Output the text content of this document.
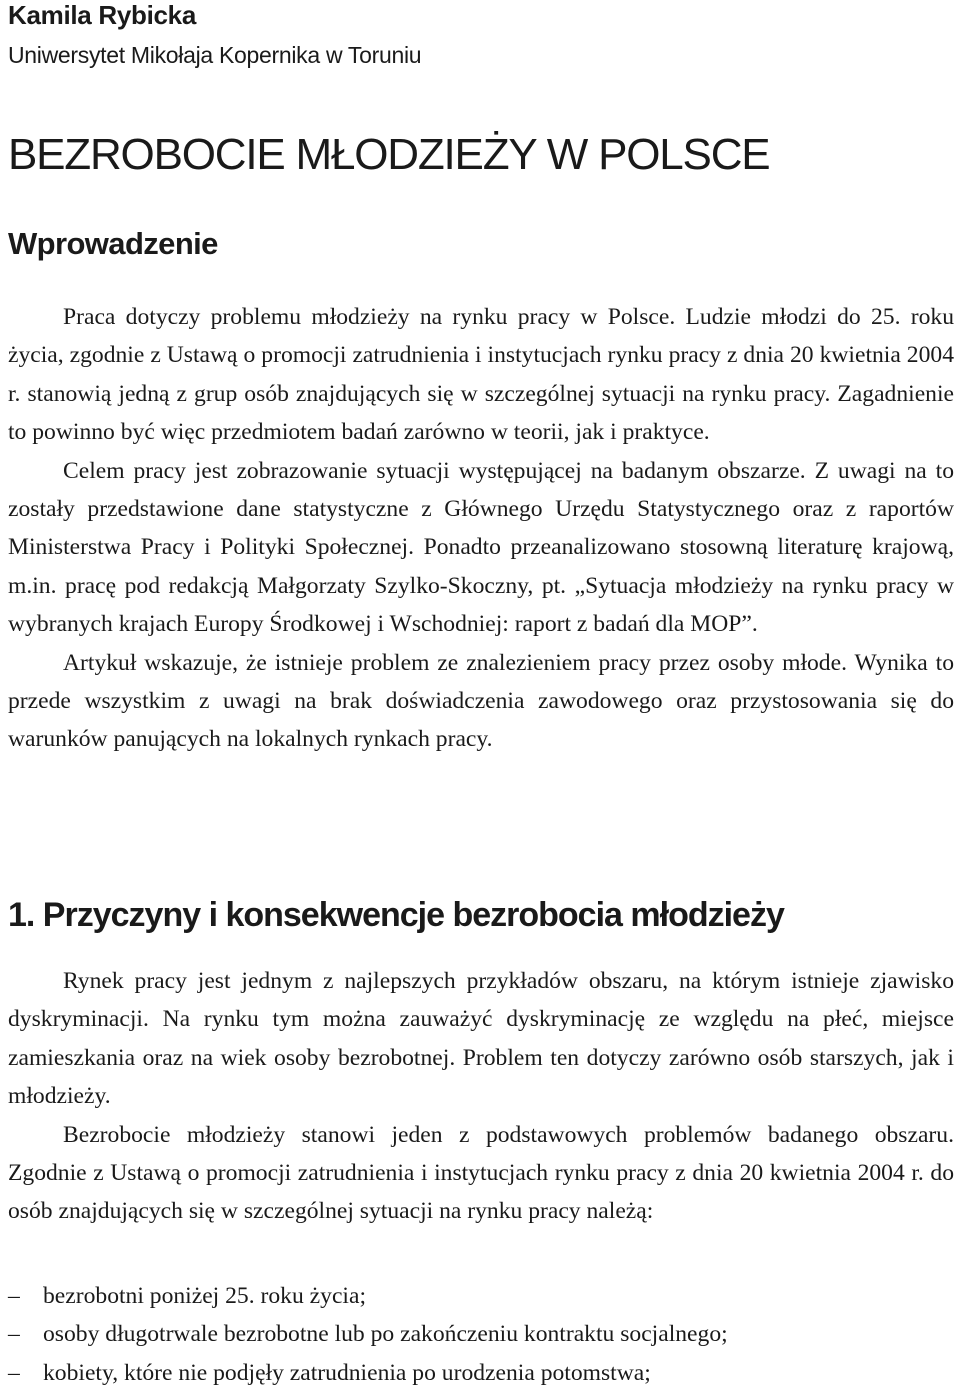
Kamila Rybicka
Uniwersytet Mikołaja Kopernika w Toruniu
BEZROBOCIE MŁODZIEŻY W POLSCE
Wprowadzenie

Praca dotyczy problemu młodzieży na rynku pracy w Polsce. Ludzie młodzi do 25. roku życia, zgodnie z Ustawą o promocji zatrudnienia i instytucjach rynku pracy z dnia 20 kwietnia 2004 r. stanowią jedną z grup osób znajdujących się w szczególnej sytuacji na rynku pracy. Zagadnienie to powinno być więc przedmiotem badań zarówno w teorii, jak i praktyce.

Celem pracy jest zobrazowanie sytuacji występującej na badanym obszarze. Z uwagi na to zostały przedstawione dane statystyczne z Głównego Urzędu Statystycznego oraz z raportów Ministerstwa Pracy i Polityki Społecznej. Ponadto przeanalizowano stosowną literaturę krajową, m.in. pracę pod redakcją Małgorzaty Szylko-Skoczny, pt. „Sytuacja młodzieży na rynku pracy w wybranych krajach Europy Środkowej i Wschodniej: raport z badań dla MOP”.

Artykuł wskazuje, że istnieje problem ze znalezieniem pracy przez osoby młode. Wynika to przede wszystkim z uwagi na brak doświadczenia zawodowego oraz przystosowania się do warunków panujących na lokalnych rynkach pracy.

1. Przyczyny i konsekwencje bezrobocia młodzieży

Rynek pracy jest jednym z najlepszych przykładów obszaru, na którym istnieje zjawisko dyskryminacji. Na rynku tym można zauważyć dyskryminację ze względu na płeć, miejsce zamieszkania oraz na wiek osoby bezrobotnej. Problem ten dotyczy zarówno osób starszych, jak i młodzieży.

Bezrobocie młodzieży stanowi jeden z podstawowych problemów badanego obszaru. Zgodnie z Ustawą o promocji zatrudnienia i instytucjach rynku pracy z dnia 20 kwietnia 2004 r. do osób znajdujących się w szczególnej sytuacji na rynku pracy należą:

– bezrobotni poniżej 25. roku życia;
– osoby długotrwale bezrobotne lub po zakończeniu kontraktu socjalnego;
– kobiety, które nie podjęły zatrudnienia po urodzenia potomstwa;
